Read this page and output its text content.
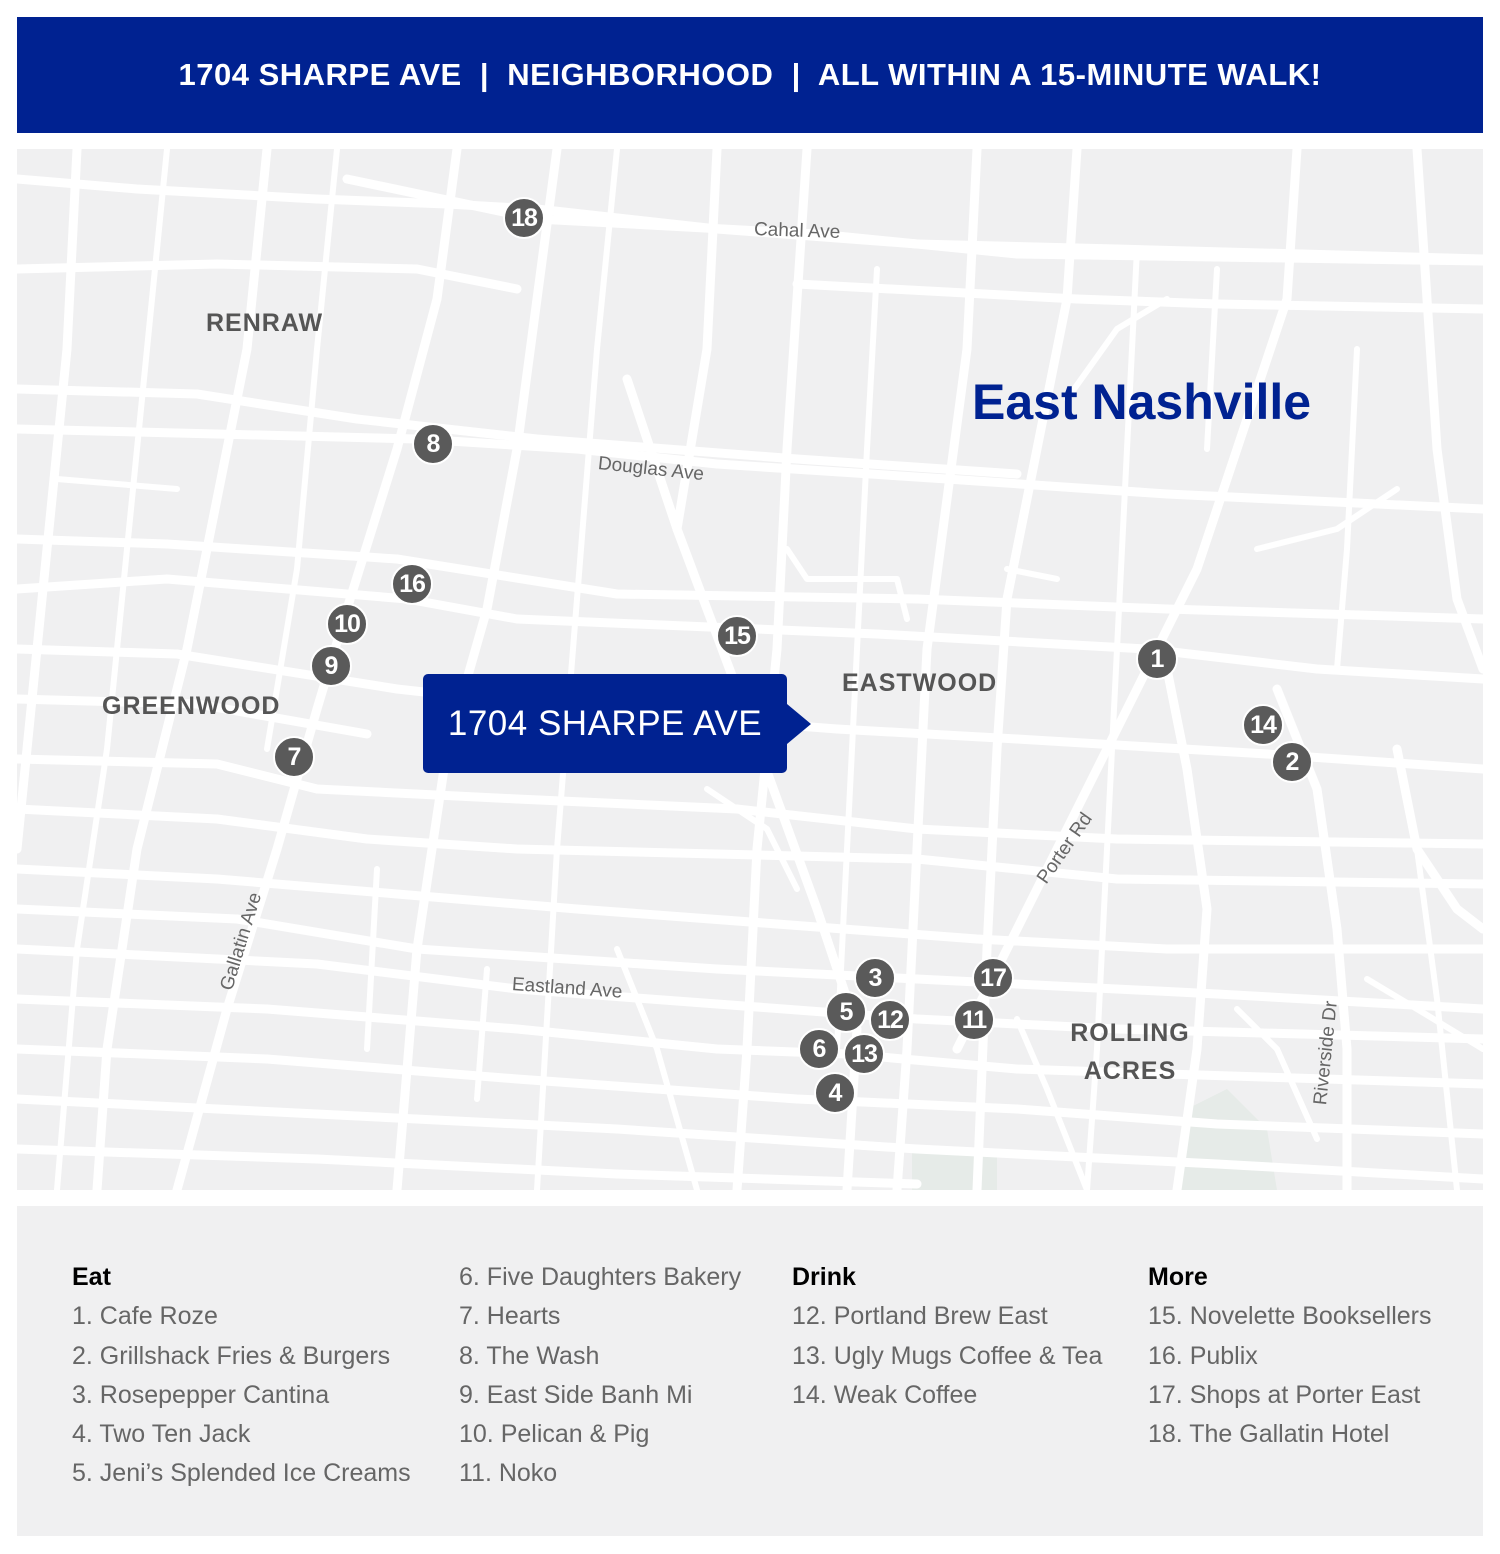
1704 SHARPE AVE  |  NEIGHBORHOOD  |  ALL WITHIN A 15-MINUTE WALK!
Cahal Ave
Douglas Ave
Gallatin Ave	Eastland Ave
Porter Rd
Riverside Dr
RENRAW
GREENWOOD
EASTWOOD
ROLLING ACRES
East Nashville
1704 SHARPE AVE
1
2
3
4
5
6
7
8
9
10
11
12
13
14
15
16
17
18
Eat
1. Cafe Roze
2. Grillshack Fries & Burgers
3. Rosepepper Cantina
4. Two Ten Jack
5. Jeni’s Splended Ice Creams
6. Five Daughters Bakery
7. Hearts
8. The Wash
9. East Side Banh Mi
10. Pelican & Pig
11. Noko
Drink
12. Portland Brew East
13. Ugly Mugs Coffee & Tea
14. Weak Coffee
More
15. Novelette Booksellers
16. Publix
17. Shops at Porter East
18. The Gallatin Hotel
